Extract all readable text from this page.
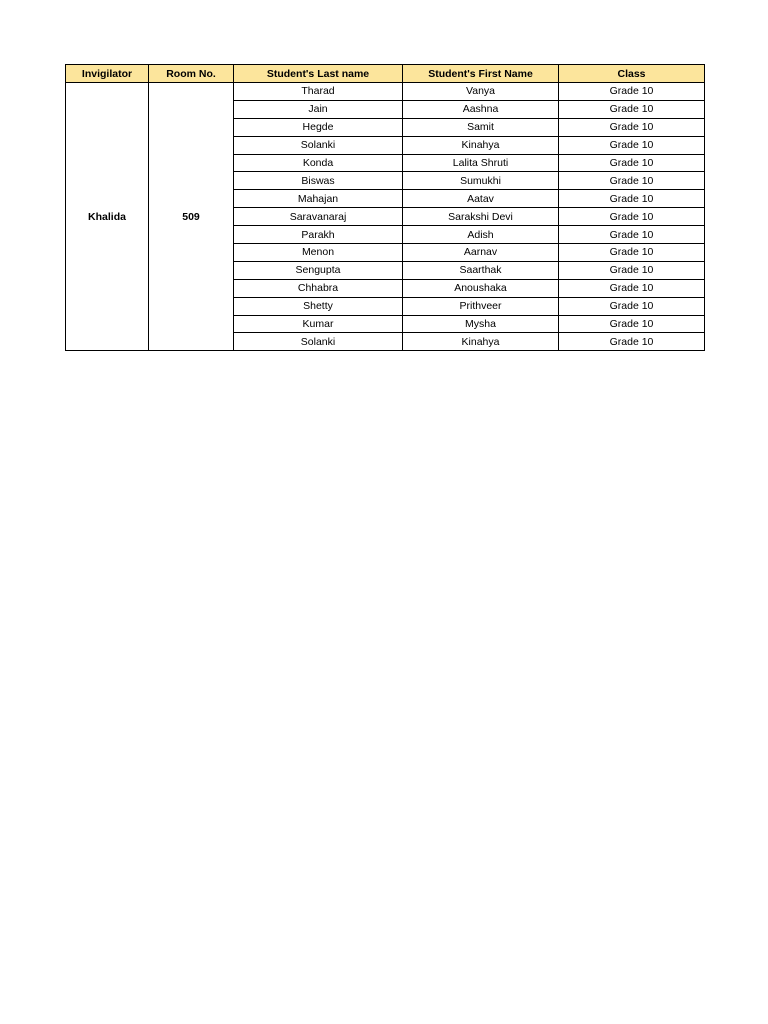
Invigilator	Room No.	Student's Last name	Student's First Name	Class
Khalida	509	Tharad	Vanya	Grade 10
		Jain	Aashna	Grade 10
		Hegde	Samit	Grade 10
		Solanki	Kinahya	Grade 10
		Konda	Lalita Shruti	Grade 10
		Biswas	Sumukhi	Grade 10
		Mahajan	Aatav	Grade 10
		Saravanaraj	Sarakshi Devi	Grade 10
		Parakh	Adish	Grade 10
		Menon	Aarnav	Grade 10
		Sengupta	Saarthak	Grade 10
		Chhabra	Anoushaka	Grade 10
		Shetty	Prithveer	Grade 10
		Kumar	Mysha	Grade 10
		Solanki	Kinahya	Grade 10
